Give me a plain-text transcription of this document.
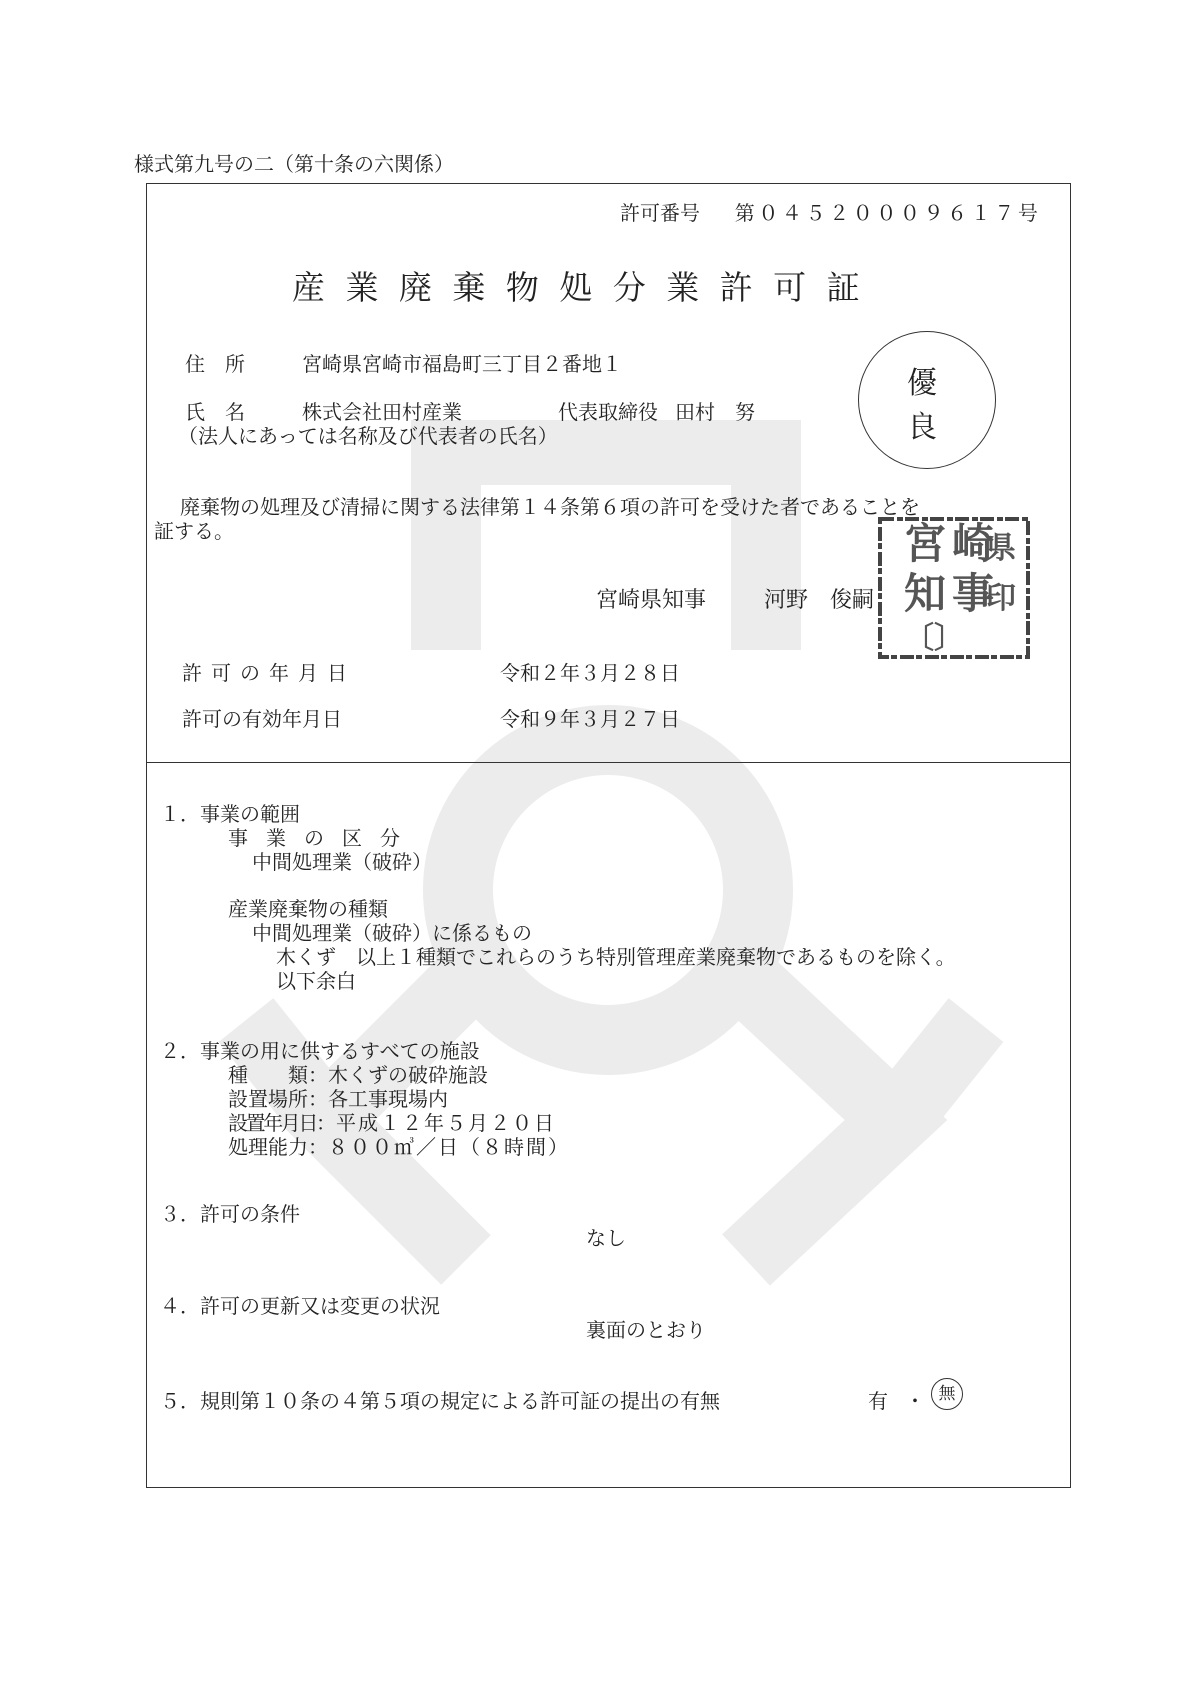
様式第九号の二（第十条の六関係）
許可番号 第０４５２０００９６１７号
産業廃棄物処分業許可証
住　所	宮崎県宮崎市福島町三丁目２番地１
氏　名	株式会社田村産業	代表取締役 田村　努
（法人にあっては名称及び代表者の氏名）
優
良
廃棄物の処理及び清掃に関する法律第１４条第６項の許可を受けた者であることを
証する。
宮崎県知事	河野　俊嗣
宮
知
崎
事
県
印
〔〕
許可の年月日	令和２年３月２８日
許可の有効年月日	令和９年３月２７日
１．事業の範囲
事業の区分
中間処理業（破砕）
産業廃棄物の種類
中間処理業（破砕）に係るもの
木くず　以上１種類でこれらのうち特別管理産業廃棄物であるものを除く。
以下余白
２．事業の用に供するすべての施設
種　　類：木くずの破砕施設
設置場所：各工事現場内
設置年月日：平成１２年５月２０日
処理能力：８００㎥／日（８時間）
３．許可の条件
なし
４．許可の更新又は変更の状況
裏面のとおり
５．規則第１０条の４第５項の規定による許可証の提出の有無	有 ・ 無
